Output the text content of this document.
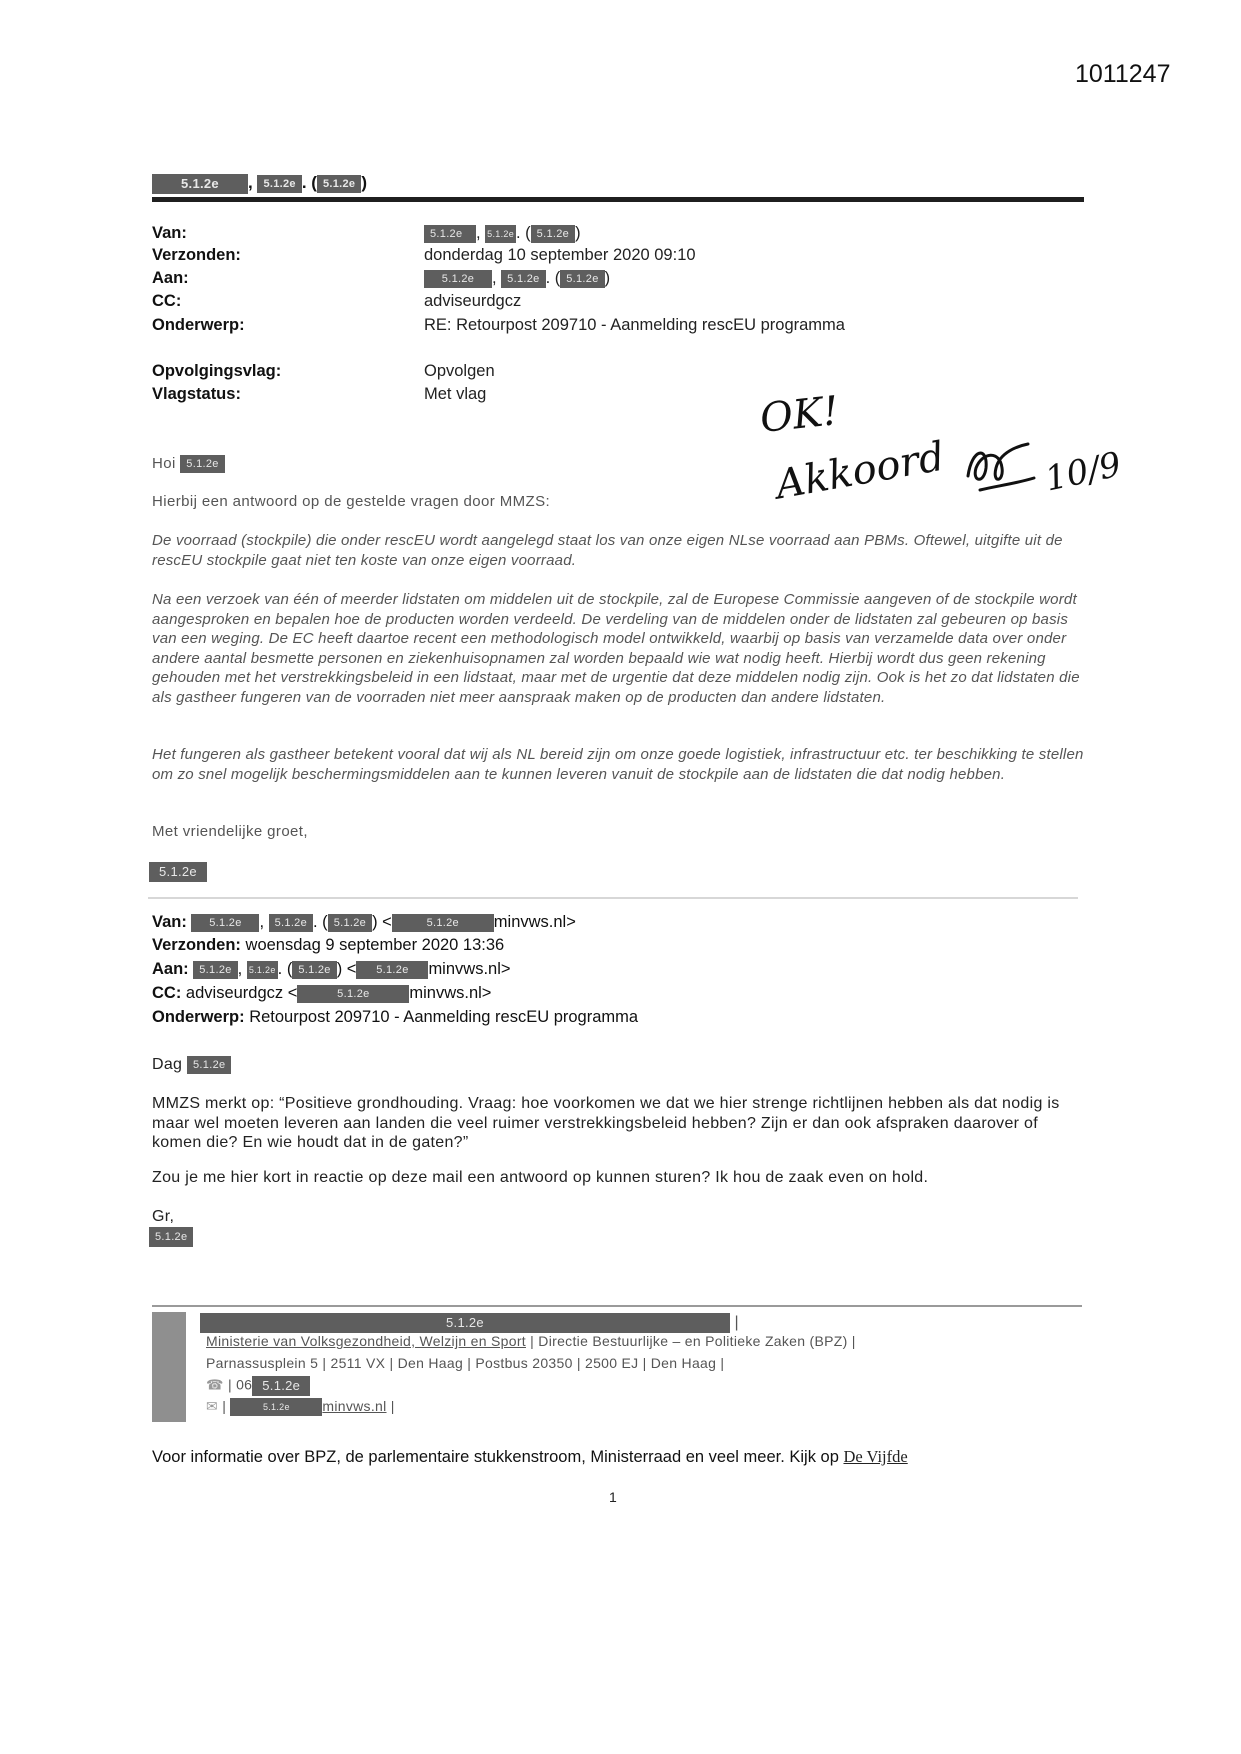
1011247
5.1.2e , 5.1.2e . ( 5.1.2e )
Van:	5.1.2e , 5.1.2e . ( 5.1.2e )
Verzonden:	donderdag 10 september 2020 09:10
Aan:	5.1.2e , 5.1.2e . ( 5.1.2e )
CC:	adviseurdgcz
Onderwerp:	RE: Retourpost 209710 - Aanmelding rescEU programma
Opvolgingsvlag:	Opvolgen
Vlagstatus:	Met vlag	OK!
Akkoord	10/9
Hoi 5.1.2e
Hierbij een antwoord op de gestelde vragen door MMZS:
De voorraad (stockpile) die onder rescEU wordt aangelegd staat los van onze eigen NLse voorraad aan PBMs. Oftewel, uitgifte uit de rescEU stockpile gaat niet ten koste van onze eigen voorraad.
Na een verzoek van één of meerder lidstaten om middelen uit de stockpile, zal de Europese Commissie aangeven of de stockpile wordt aangesproken en bepalen hoe de producten worden verdeeld. De verdeling van de middelen onder de lidstaten zal gebeuren op basis van een weging. De EC heeft daartoe recent een methodologisch model ontwikkeld, waarbij op basis van verzamelde data over onder andere aantal besmette personen en ziekenhuisopnamen zal worden bepaald wie wat nodig heeft. Hierbij wordt dus geen rekening gehouden met het verstrekkingsbeleid in een lidstaat, maar met de urgentie dat deze middelen nodig zijn. Ook is het zo dat lidstaten die als gastheer fungeren van de voorraden niet meer aanspraak maken op de producten dan andere lidstaten.
Het fungeren als gastheer betekent vooral dat wij als NL bereid zijn om onze goede logistiek, infrastructuur etc. ter beschikking te stellen om zo snel mogelijk beschermingsmiddelen aan te kunnen leveren vanuit de stockpile aan de lidstaten die dat nodig hebben.
Met vriendelijke groet,
5.1.2e
Van: 5.1.2e , 5.1.2e . ( 5.1.2e ) <	5.1.2e minvws.nl>
Verzonden: woensdag 9 september 2020 13:36
Aan: 5.1.2e , 5.1.2e . ( 5.1.2e ) < 5.1.2e minvws.nl>
CC: adviseurdgcz <	5.1.2e minvws.nl>
Onderwerp: Retourpost 209710 - Aanmelding rescEU programma
Dag 5.1.2e
MMZS merkt op: “Positieve grondhouding. Vraag: hoe voorkomen we dat we hier strenge richtlijnen hebben als dat nodig is maar wel moeten leveren aan landen die veel ruimer verstrekkingsbeleid hebben? Zijn er dan ook afspraken daarover of komen die? En wie houdt dat in de gaten?”
Zou je me hier kort in reactie op deze mail een antwoord op kunnen sturen? Ik hou de zaak even on hold.
Gr,
5.1.2e
5.1.2e	|
Ministerie van Volksgezondheid, Welzijn en Sport | Directie Bestuurlijke – en Politieke Zaken (BPZ) |
Parnassusplein 5 | 2511 VX | Den Haag | Postbus 20350 | 2500 EJ | Den Haag |
☎ | 06 5.1.2e
✉ |	5.1.2e minvws.nl |
Voor informatie over BPZ, de parlementaire stukkenstroom, Ministerraad en veel meer. Kijk op De Vijfde
1
